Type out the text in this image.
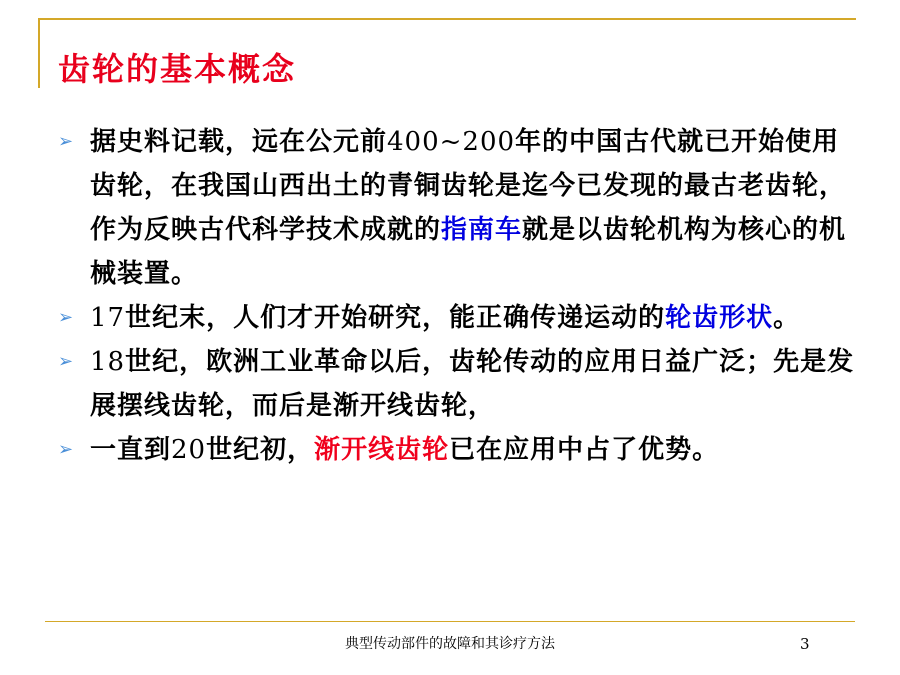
齿轮的基本概念
➢ 据史料记载，远在公元前400~200年的中国古代就已开始使用齿轮，在我国山西出土的青铜齿轮是迄今已发现的最古老齿轮，作为反映古代科学技术成就的指南车就是以齿轮机构为核心的机械装置。
➢ 17世纪末，人们才开始研究，能正确传递运动的轮齿形状。
➢ 18世纪，欧洲工业革命以后，齿轮传动的应用日益广泛；先是发展摆线齿轮，而后是渐开线齿轮，
➢ 一直到20世纪初，渐开线齿轮已在应用中占了优势。
典型传动部件的故障和其诊疗方法	3
